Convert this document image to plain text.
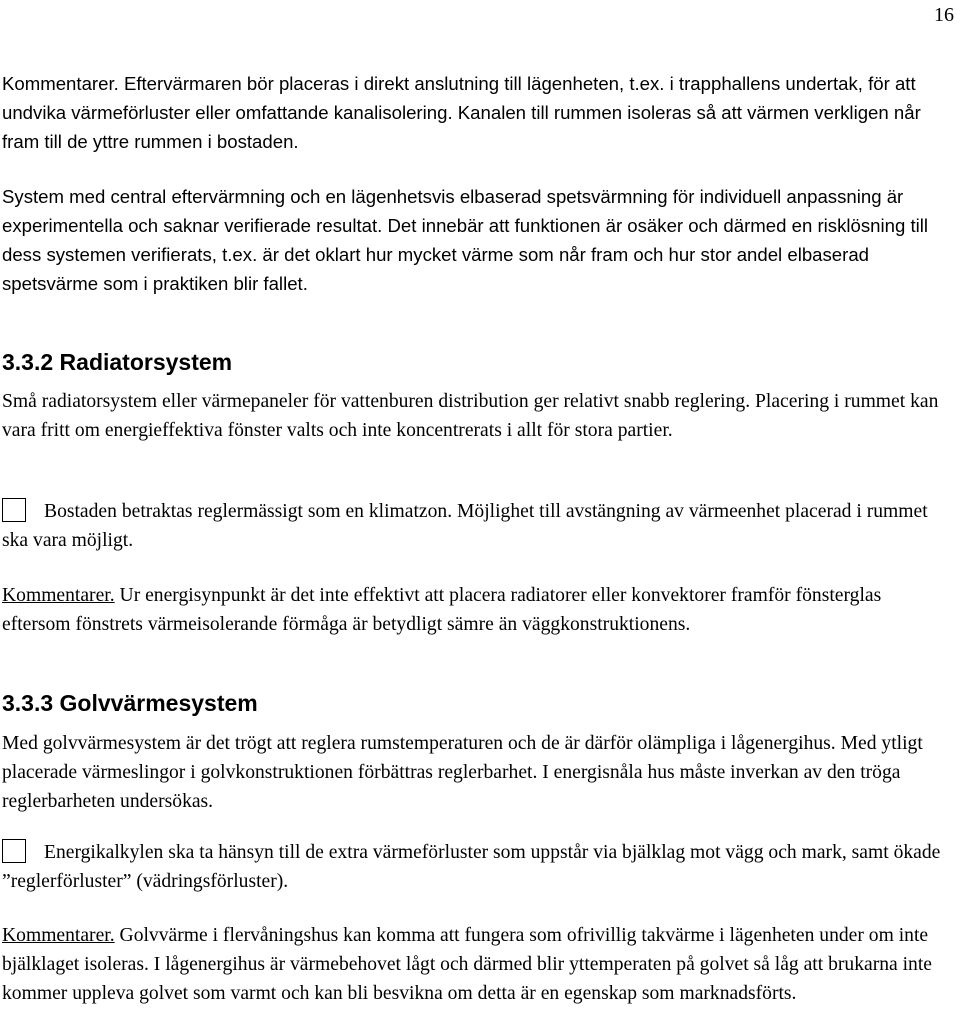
16

Kommentarer. Eftervärmaren bör placeras i direkt anslutning till lägenheten, t.ex. i trapphallens undertak, för att undvika värmeförluster eller omfattande kanalisolering. Kanalen till rummen isoleras så att värmen verkligen når fram till de yttre rummen i bostaden.

System med central eftervärmning och en lägenhetsvis elbaserad spetsvärmning för individuell anpassning är experimentella och saknar verifierade resultat. Det innebär att funktionen är osäker och därmed en risklösning till dess systemen verifierats, t.ex. är det oklart hur mycket värme som når fram och hur stor andel elbaserad spetsvärme som i praktiken blir fallet.

3.3.2 Radiatorsystem

Små radiatorsystem eller värmepaneler för vattenburen distribution ger relativt snabb reglering. Placering i rummet kan vara fritt om energieffektiva fönster valts och inte koncentrerats i allt för stora partier.

Bostaden betraktas reglermässigt som en klimatzon. Möjlighet till avstängning av värmeenhet placerad i rummet ska vara möjligt.

Kommentarer. Ur energisynpunkt är det inte effektivt att placera radiatorer eller konvektorer framför fönsterglas eftersom fönstrets värmeisolerande förmåga är betydligt sämre än väggkonstruktionens.

3.3.3 Golvvärmesystem

Med golvvärmesystem är det trögt att reglera rumstemperaturen och de är därför olämpliga i lågenergihus. Med ytligt placerade värmeslingor i golvkonstruktionen förbättras reglerbarhet. I energisnåla hus måste inverkan av den tröga reglerbarheten undersökas.

Energikalkylen ska ta hänsyn till de extra värmeförluster som uppstår via bjälklag mot vägg och mark, samt ökade ”reglerförluster” (vädringsförluster).

Kommentarer. Golvvärme i flervåningshus kan komma att fungera som ofrivillig takvärme i lägenheten under om inte bjälklaget isoleras. I lågenergihus är värmebehovet lågt och därmed blir yttemperaten på golvet så låg att brukarna inte kommer uppleva golvet som varmt och kan bli besvikna om detta är en egenskap som marknadsförts.
